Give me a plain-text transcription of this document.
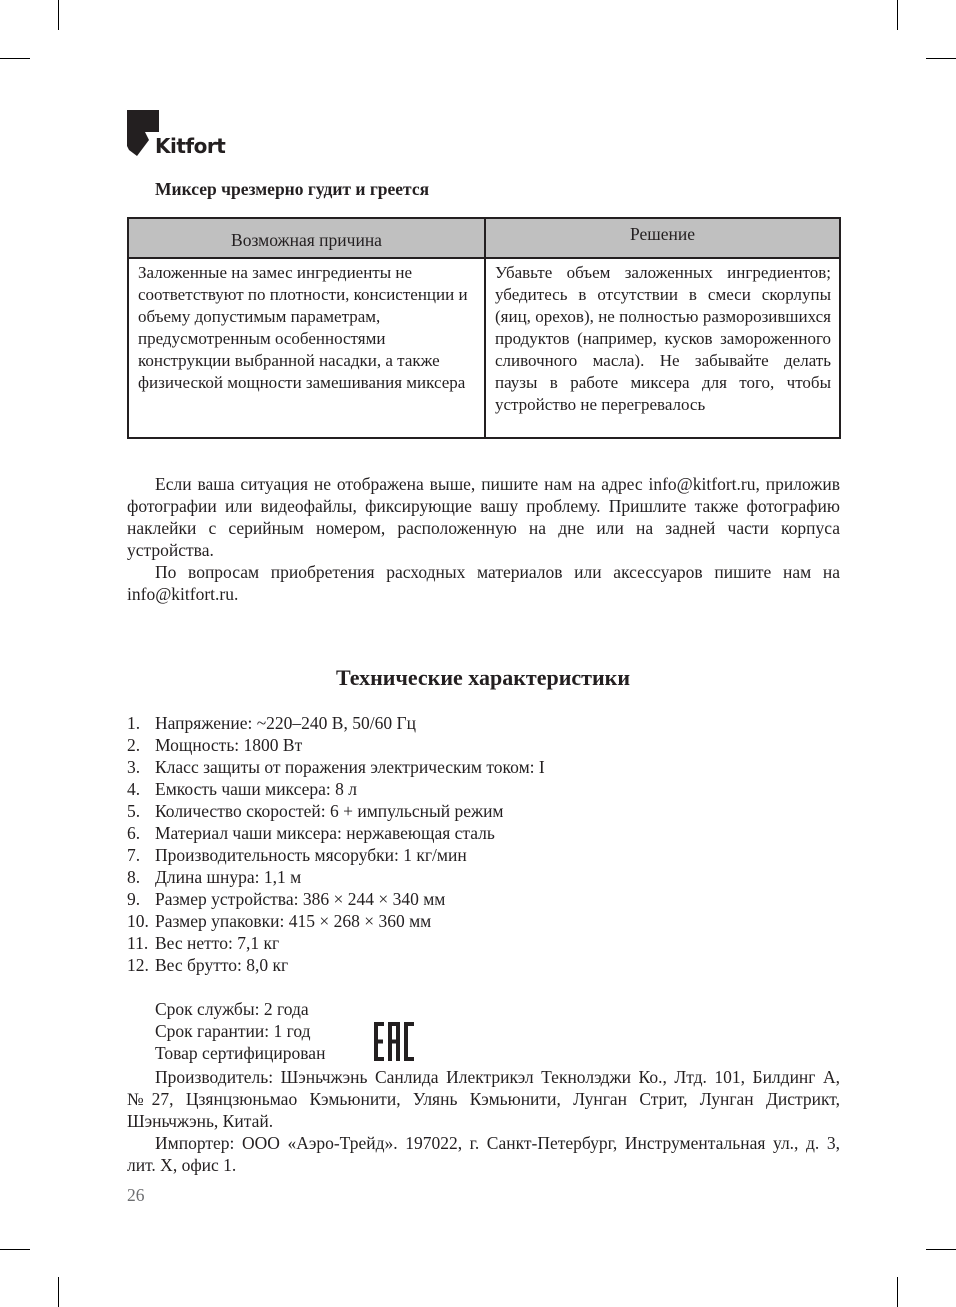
Kitfort
Миксер чрезмерно гудит и греется
Возможная причина	Решение
Заложенные на замес ингредиенты не соответствуют по плотности, консистенции и объему допустимым параметрам, предусмотренным особенностями конструкции выбранной насадки, а также физической мощности замешивания миксера	Убавьте объем заложенных ингредиентов; убедитесь в отсутствии в смеси скорлупы (яиц, орехов), не полностью разморозившихся продуктов (например, кусков замороженного сливочного масла). Не забывайте делать паузы в работе миксера для того, чтобы устройство не перегревалось

Если ваша ситуация не отображена выше, пишите нам на адрес info@kitfort.ru, приложив фотографии или видеофайлы, фиксирующие вашу проблему. Пришлите также фотографию наклейки с серийным номером, расположенную на дне или на задней части корпуса устройства.

По вопросам приобретения расходных материалов или аксессуаров пишите нам на info@kitfort.ru.

Технические характеристики
1. Напряжение: ~220–240 В, 50/60 Гц
2. Мощность: 1800 Вт
3. Класс защиты от поражения электрическим током: I
4. Емкость чаши миксера: 8 л
5. Количество скоростей: 6 + импульсный режим
6. Материал чаши миксера: нержавеющая сталь
7. Производительность мясорубки: 1 кг/мин
8. Длина шнура: 1,1 м
9. Размер устройства: 386 × 244 × 340 мм
10. Размер упаковки: 415 × 268 × 360 мм
11. Вес нетто: 7,1 кг
12. Вес брутто: 8,0 кг
Срок службы: 2 года
Срок гарантии: 1 год
Товар сертифицирован

Производитель: Шэньчжэнь Санлида Илектрикэл Текнолэджи Ко., Лтд. 101, Билдинг А, №27, Цзянцзюньмао Кэмьюнити, Улянь Кэмьюнити, Лунган Стрит, Лунган Дистрикт, Шэньчжэнь, Китай.

Импортер: ООО «Аэро-Трейд». 197022, г. Санкт-Петербург, Инструментальная ул., д. 3, лит. Х, офис 1.

26
